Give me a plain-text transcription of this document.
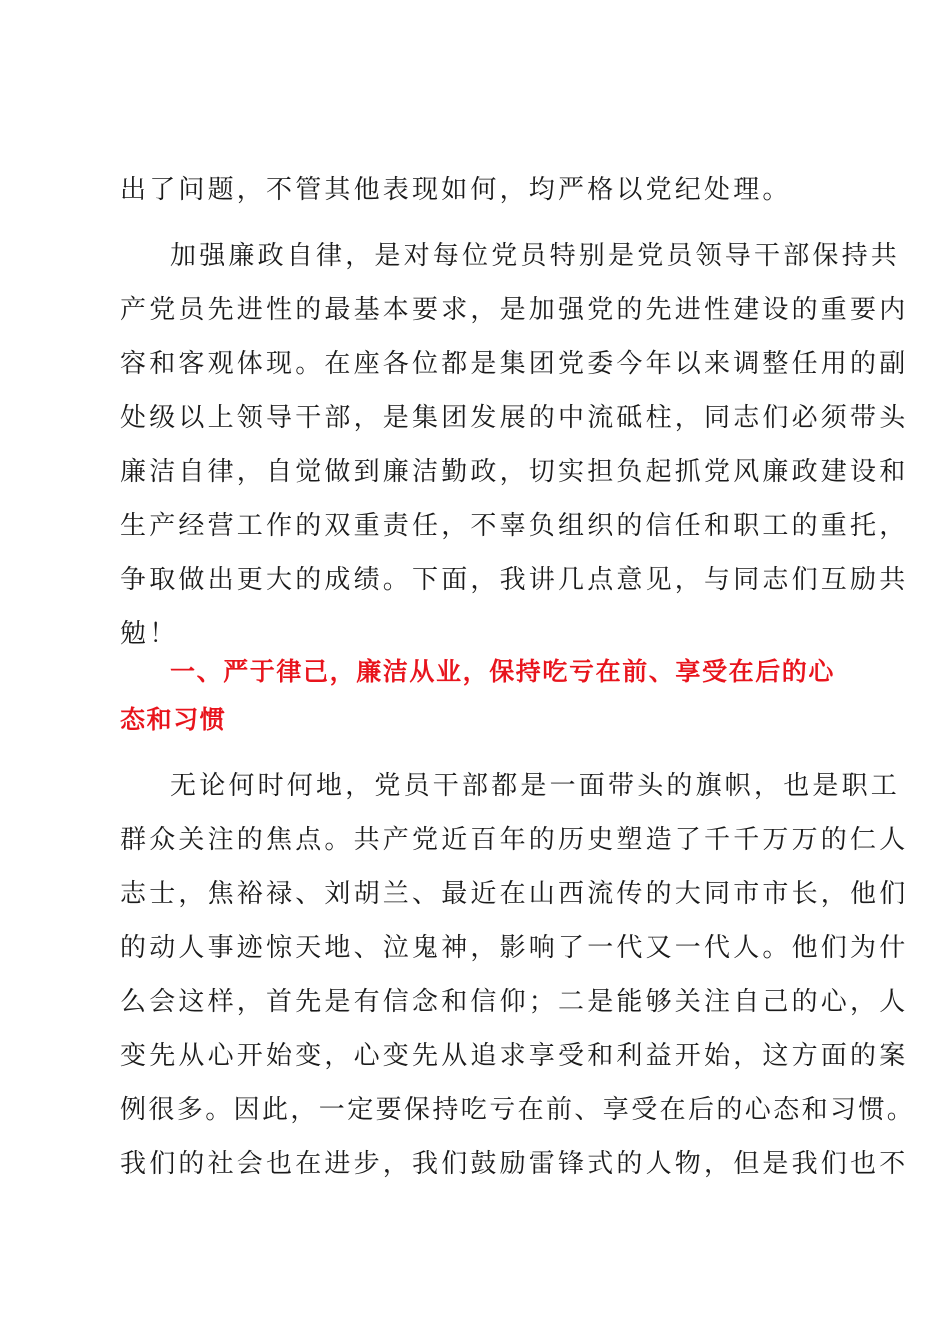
出了问题，不管其他表现如何，均严格以党纪处理。
加强廉政自律，是对每位党员特别是党员领导干部保持共
产党员先进性的最基本要求，是加强党的先进性建设的重要内
容和客观体现。在座各位都是集团党委今年以来调整任用的副
处级以上领导干部，是集团发展的中流砥柱，同志们必须带头
廉洁自律，自觉做到廉洁勤政，切实担负起抓党风廉政建设和
生产经营工作的双重责任，不辜负组织的信任和职工的重托，
争取做出更大的成绩。下面，我讲几点意见，与同志们互励共
勉！
一、严于律己，廉洁从业，保持吃亏在前、享受在后的心
态和习惯
无论何时何地，党员干部都是一面带头的旗帜，也是职工
群众关注的焦点。共产党近百年的历史塑造了千千万万的仁人
志士，焦裕禄、刘胡兰、最近在山西流传的大同市市长，他们
的动人事迹惊天地、泣鬼神，影响了一代又一代人。他们为什
么会这样，首先是有信念和信仰；二是能够关注自己的心，人
变先从心开始变，心变先从追求享受和利益开始，这方面的案
例很多。因此，一定要保持吃亏在前、享受在后的心态和习惯。
我们的社会也在进步，我们鼓励雷锋式的人物，但是我们也不
